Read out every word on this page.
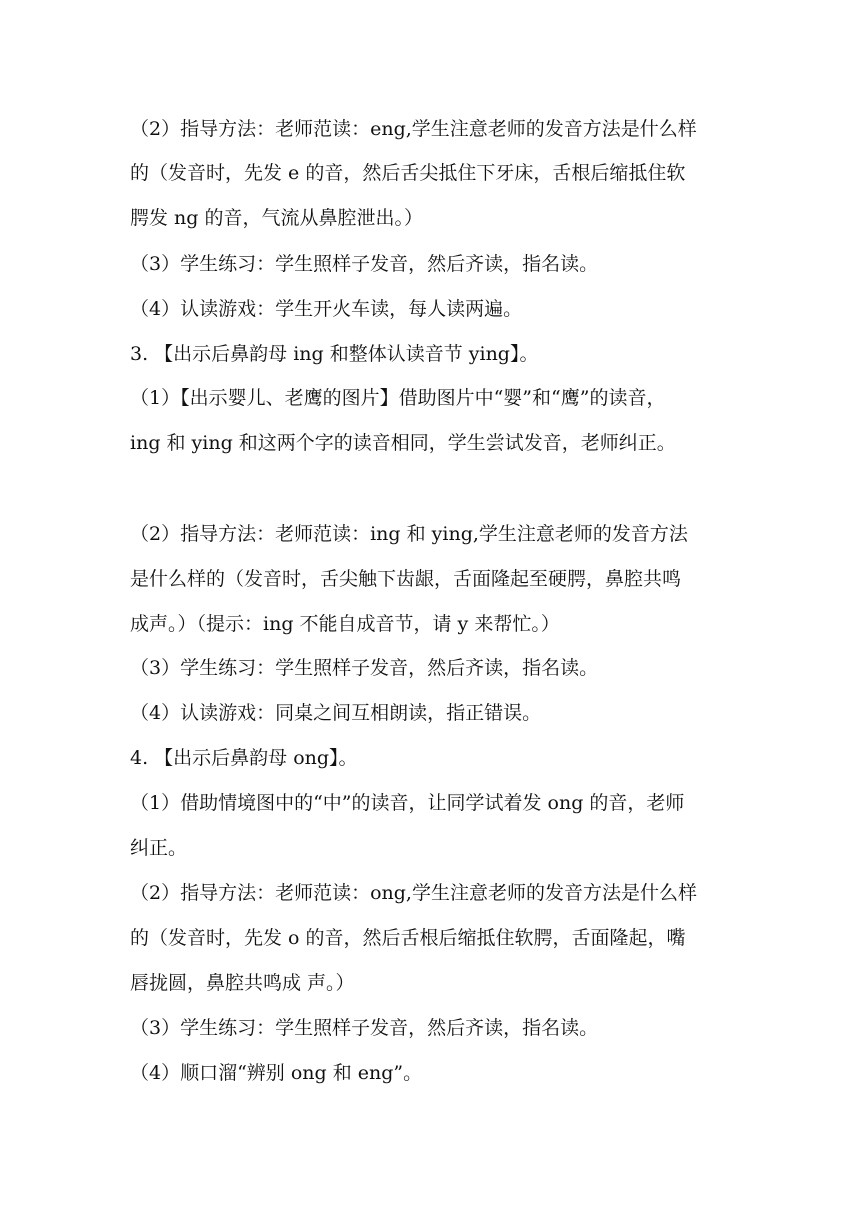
（2）指导方法：老师范读：eng,学生注意老师的发音方法是什么样
的（发音时，先发 e 的音，然后舌尖抵住下牙床，舌根后缩抵住软
腭发 ng 的音，气流从鼻腔泄出。）
（3）学生练习：学生照样子发音，然后齐读，指名读。
（4）认读游戏：学生开火车读，每人读两遍。
3. 【出示后鼻韵母 ing 和整体认读音节 ying】。
（1）【出示婴儿、老鹰的图片】借助图片中“婴”和“鹰”的读音，
ing 和 ying 和这两个字的读音相同，学生尝试发音，老师纠正。
（2）指导方法：老师范读：ing 和 ying,学生注意老师的发音方法
是什么样的（发音时，舌尖触下齿龈，舌面隆起至硬腭，鼻腔共鸣
成声。）（提示：ing 不能自成音节，请 y 来帮忙。）
（3）学生练习：学生照样子发音，然后齐读，指名读。
（4）认读游戏：同桌之间互相朗读，指正错误。
4. 【出示后鼻韵母 ong】。
（1）借助情境图中的“中”的读音，让同学试着发 ong 的音，老师
纠正。
（2）指导方法：老师范读：ong,学生注意老师的发音方法是什么样
的（发音时，先发 o 的音，然后舌根后缩抵住软腭，舌面隆起，嘴
唇拢圆，鼻腔共鸣成 声。）
（3）学生练习：学生照样子发音，然后齐读，指名读。
（4）顺口溜“辨别 ong 和 eng”。
